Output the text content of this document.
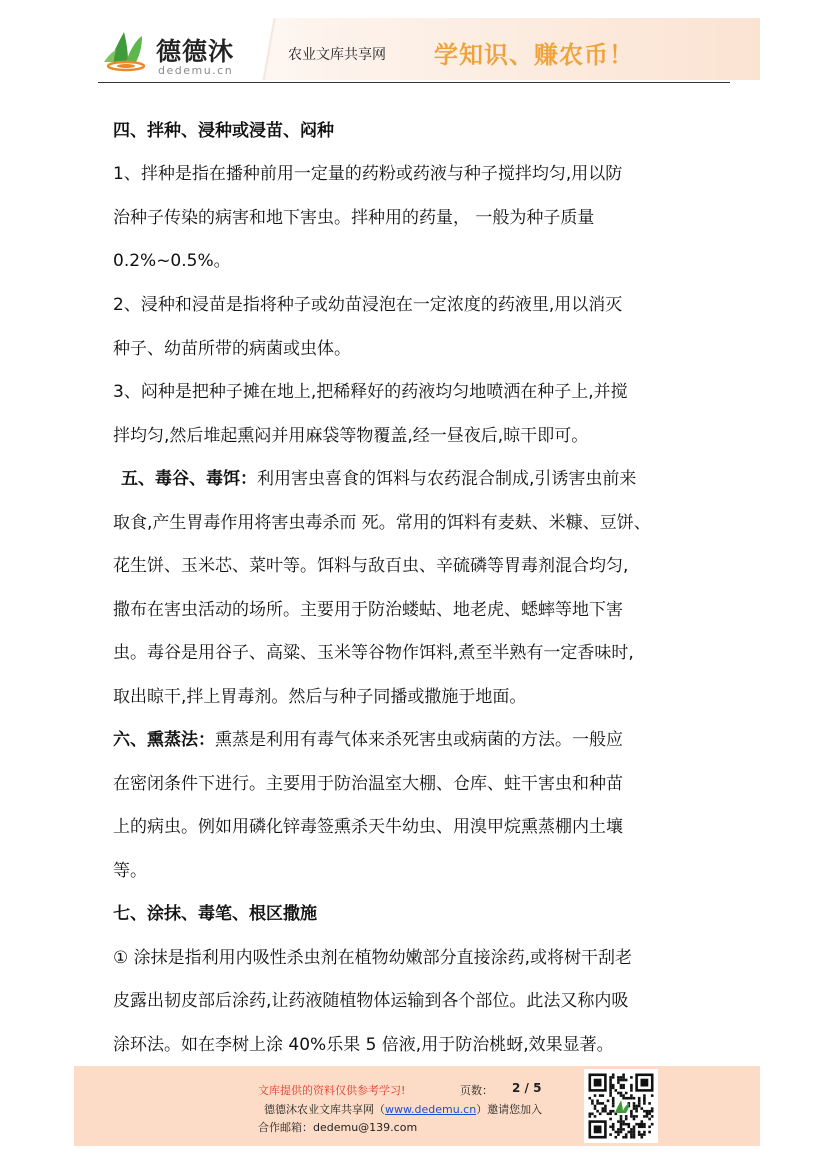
德德沐
dedemu.cn
农业文库共享网 学知识、赚农币！
四、拌种、浸种或浸苗、闷种
1、拌种是指在播种前用一定量的药粉或药液与种子搅拌均匀,用以防
治种子传染的病害和地下害虫。拌种用的药量， 一般为种子质量
0.2%~0.5%。
2、浸种和浸苗是指将种子或幼苗浸泡在一定浓度的药液里,用以消灭
种子、幼苗所带的病菌或虫体。
3、闷种是把种子摊在地上,把稀释好的药液均匀地喷洒在种子上,并搅
拌均匀,然后堆起熏闷并用麻袋等物覆盖,经一昼夜后,晾干即可。
五、毒谷、毒饵：利用害虫喜食的饵料与农药混合制成,引诱害虫前来
取食,产生胃毒作用将害虫毒杀而 死。常用的饵料有麦麸、米糠、豆饼、
花生饼、玉米芯、菜叶等。饵料与敌百虫、辛硫磷等胃毒剂混合均匀,
撒布在害虫活动的场所。主要用于防治蝼蛄、地老虎、蟋蟀等地下害
虫。毒谷是用谷子、高粱、玉米等谷物作饵料,煮至半熟有一定香味时,
取出晾干,拌上胃毒剂。然后与种子同播或撒施于地面。
六、熏蒸法：熏蒸是利用有毒气体来杀死害虫或病菌的方法。一般应
在密闭条件下进行。主要用于防治温室大棚、仓库、蛀干害虫和种苗
上的病虫。例如用磷化锌毒签熏杀天牛幼虫、用溴甲烷熏蒸棚内土壤
等。
七、涂抹、毒笔、根区撒施
① 涂抹是指利用内吸性杀虫剂在植物幼嫩部分直接涂药,或将树干刮老
皮露出韧皮部后涂药,让药液随植物体运输到各个部位。此法又称内吸
涂环法。如在李树上涂 40%乐果 5 倍液,用于防治桃蚜,效果显著。
文库提供的资料仅供参考学习!	页数： 2 / 5
德德沐农业文库共享网（www.dedemu.cn）邀请您加入
合作邮箱：dedemu@139.com
